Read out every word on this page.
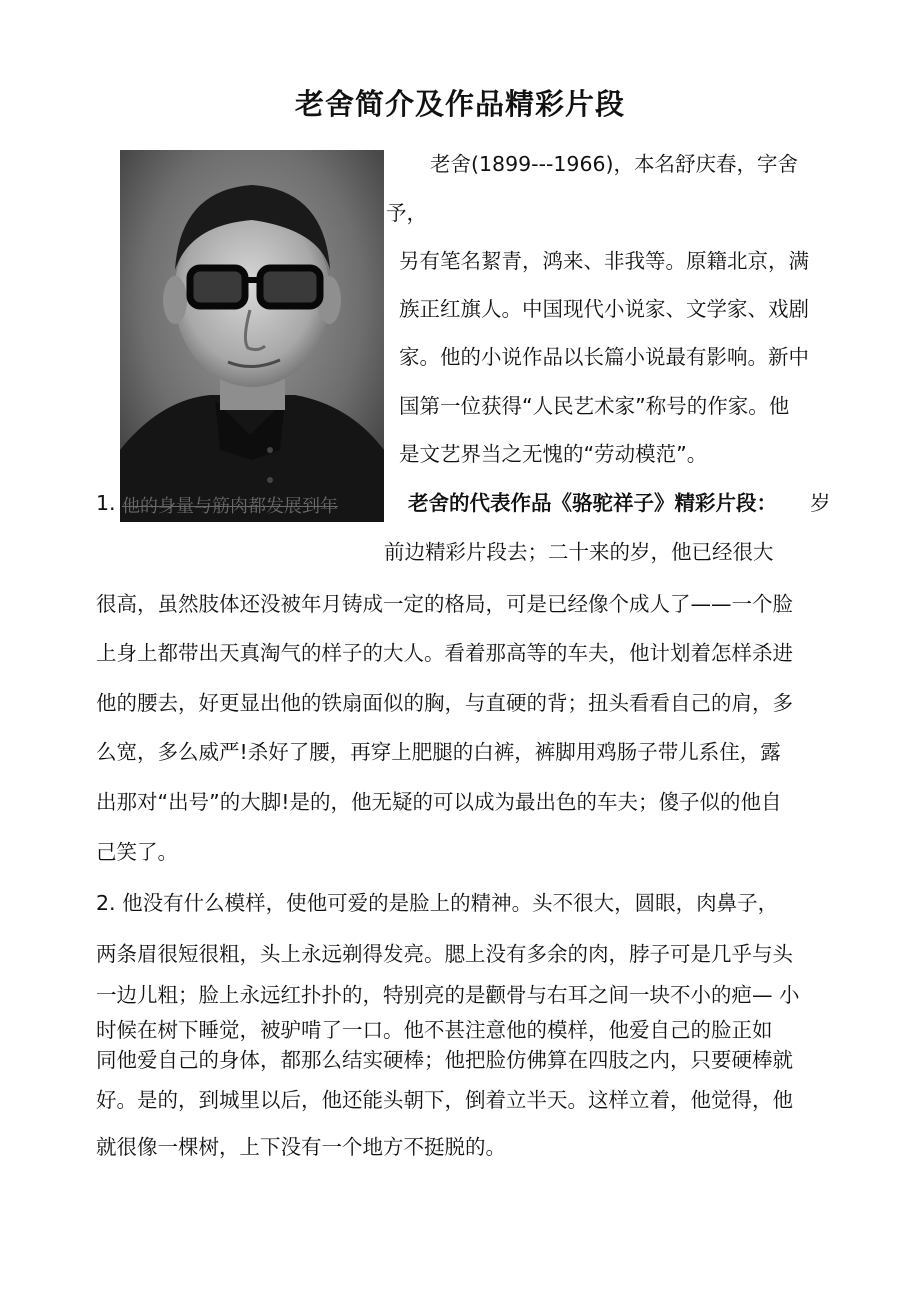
老舍简介及作品精彩片段
老舍(1899---1966)，本名舒庆春，字舍
予，
另有笔名絜青，鸿来、非我等。原籍北京，满
族正红旗人。中国现代小说家、文学家、戏剧
家。他的小说作品以长篇小说最有影响。新中
国第一位获得“人民艺术家”称号的作家。他
是文艺界当之无愧的“劳动模范”。
1. 他的身量与筋肉都发展到年	老舍的代表作品《骆驼祥子》精彩片段： 岁
前边精彩片段去；二十来的岁，他已经很大
很高，虽然肢体还没被年月铸成一定的格局，可是已经像个成人了——一个脸
上身上都带出天真淘气的样子的大人。看着那高等的车夫，他计划着怎样杀进
他的腰去，好更显出他的铁扇面似的胸，与直硬的背；扭头看看自己的肩，多
么宽，多么威严!杀好了腰，再穿上肥腿的白裤，裤脚用鸡肠子带儿系住，露
出那对“出号”的大脚!是的，他无疑的可以成为最出色的车夫；傻子似的他自
己笑了。
2. 他没有什么模样，使他可爱的是脸上的精神。头不很大，圆眼，肉鼻子，
两条眉很短很粗，头上永远剃得发亮。腮上没有多余的肉，脖子可是几乎与头
一边儿粗；脸上永远红扑扑的，特别亮的是颧骨与右耳之间一块不小的疤— 小
时候在树下睡觉，被驴啃了一口。他不甚注意他的模样，他爱自己的脸正如
同他爱自己的身体，都那么结实硬棒；他把脸仿佛算在四肢之内，只要硬棒就
好。是的，到城里以后，他还能头朝下，倒着立半天。这样立着，他觉得，他
就很像一棵树，上下没有一个地方不挺脱的。
